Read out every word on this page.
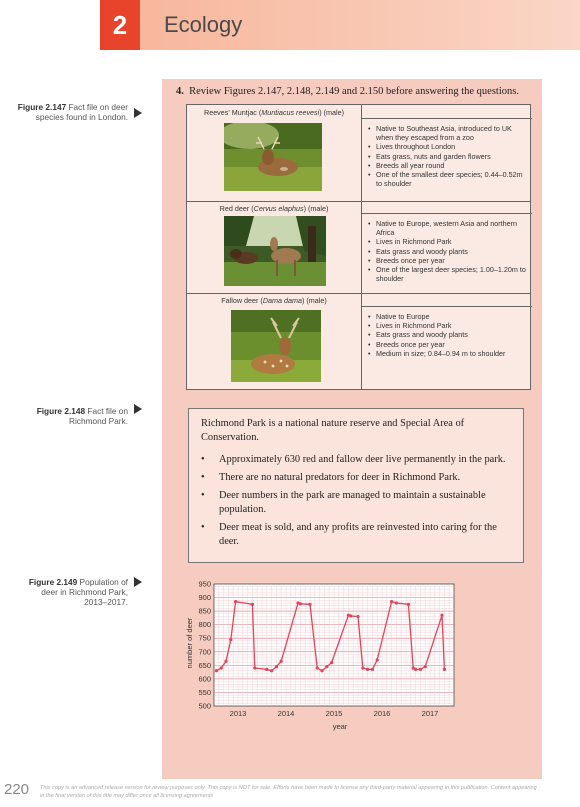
2	Ecology
Figure 2.147 Fact file on deer species found in London.
Figure 2.148 Fact file on Richmond Park.
Figure 2.149 Population of deer in Richmond Park, 2013–2017.
4. Review Figures 2.147, 2.148, 2.149 and 2.150 before answering the questions.
Reeves' Muntjac (Muntiacus reevesi) (male)
• Native to Southeast Asia, introduced to UK when they escaped from a zoo
• Lives throughout London
• Eats grass, nuts and garden flowers
• Breeds all year round
• One of the smallest deer species; 0.44–0.52m to shoulder
Red deer (Cervus elaphus) (male)
• Native to Europe, western Asia and northern Africa
• Lives in Richmond Park
• Eats grass and woody plants
• Breeds once per year
• One of the largest deer species; 1.00–1.20m to shoulder
Fallow deer (Dama dama) (male)
• Native to Europe
• Lives in Richmond Park
• Eats grass and woody plants
• Breeds once per year
• Medium in size; 0.84–0.94 m to shoulder
Richmond Park is a national nature reserve and Special Area of Conservation.
• Approximately 630 red and fallow deer live permanently in the park.
• There are no natural predators for deer in Richmond Park.
• Deer numbers in the park are managed to maintain a sustainable population.
• Deer meat is sold, and any profits are reinvested into caring for the deer.
500
550
600
650
700
750
800
850
900
950
2013	2014	2015	2016	2017
year
number of deer
220 This copy is an advanced release version for review purposes only. This copy is NOT for sale. Efforts have been made to license any third-party material appearing in this publication. Content appearing in the final version of this title may differ once all licensing agreements
